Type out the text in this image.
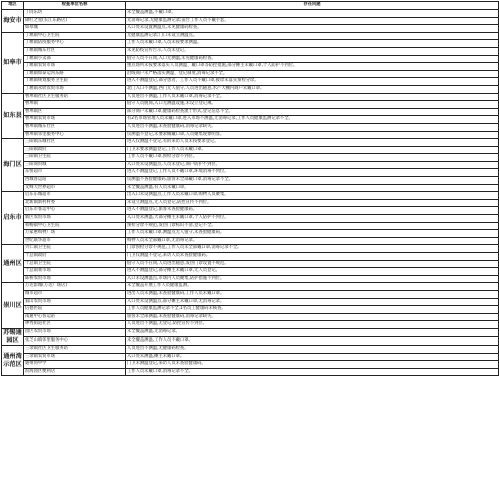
地区	检查单位名称	存在问题
海安市	丁同乐坊	未全覆盖测温,不戴口罩。
	锦红之星(长江东路店)	无消毒记录,无健康监测记录;前台工作人员不戴手套。
	如皋城	入口处未设置测温点,未见健康码检查。
如皋市	丁堰镇中心卫生院	无健康监测记录;门口未设立测温点。
	丁堰镇防疫服务中心	工作人员未戴口罩,人员未按要求测温。
	丁堰镇城东社区	未见防疫宣传告示,人员未登记。
	丁堰镇小卖部	值守人员不在岗,入口无测温,未见健康码检查。
	丁堰镇农贸市场	重点场所未按要求落实人员测温、戴口罩等防控措施,部分摊主未戴口罩,个人防护不到位。
	丁堰镇如泰运河东路	沿线商户未严格落实测温、登记制度,消毒记录不全。
	丁堰镇规划服务卫生院	进入不测温登记,部分患者、工作人员不戴口罩,接诊未落实预检分诊。
	丁堰镇永欣农贸市场	北门入口不测温,西门无人值守,人员进出随意,水产大棚内商户未戴口罩。
如东县	曹埠镇社区卫生服务站	人员进出不测温,工作人员未戴口罩,消毒记录不全。
	曹埠镇	值守人员脱岗,入口无测温设施,未设立登记簿。
	曹埠镇区	部分商户未戴口罩,健康码检查流于形式,登记信息不全。
	曹埠镇农贸市场	有2名市场管理人员未戴口罩,进入市场不测温,无消毒记录,工作人员健康监测记录不全。
	曹埠镇城东社区	人员进出不测温,未查验健康码,消毒记录缺失。
	曹埠镇邻里服务中心	仅测温不登记,未要求佩戴口罩,人员聚集现象明显。
海门区	三阳镇东城社区	进入仅测温不登记,有的来访人员未按要求登记。
	三阳镇政府	门卫未要求测温登记,工作人员未戴口罩。
	三阳镇卫生院	工作人员不戴口罩,预检分诊不到位。
	三阳商贸城	入口处未设测温点,人员未登记,商户防护不到位。
	东恒超市	进入不测温登记,工作人员不戴口罩,环境消毒不到位。
	西城客运站	仅测温不查验健康码,旅客未全部戴口罩,消毒记录不全。
	文峰大世界超市	未全覆盖测温,有人员未戴口罩。
启东市	启东东城超市	出入口未设测温点,工作人员未戴口罩,购物人员聚集。
	北新镇新村村委	未设立测温点,无人员登记,防控宣传不到位。
	启东市客运中心	进入不测温登记,旅客未查验健康码。
	新区农贸市场	入口处未测温,大部分摊主未戴口罩,个人防护不到位。
	和畅镇中心卫生院	预检分诊不规范,发热门诊标识不清,登记不全。
	万家惠购物广场	工作人员未戴口罩,测温点无人值守,未查验健康码。
	世纪联华超市	购物人员未全部戴口罩,无消毒记录。
通州区	兴仁镇卫生院	门诊预检分诊不规范,工作人员未全部戴口罩,消毒记录不全。
	十总镇政府	门卫仅测温不登记,来访人员未查验健康码。
	十总镇卫生院	值守人员不在岗,人员进出随意,发热门诊设置不规范。
	十总镇菜市场	进入不测温登记,部分摊主未戴口罩,无人员登记。
	陈桥农贸市场	入口未设测温点,市场内人员聚集,防护措施不到位。
崇川区	万达影城(万达广场店)	未全覆盖开展工作人员健康监测。
	城市超市	进出人员未测温,未查验健康码,工作人员未戴口罩。
	狼山农贸市场	入口处未设测温点,部分摊主未戴口罩,无消毒记录。
	信德医院	工作人员健康监测记录不全,1名员工健康码未核查。
	南通中心客运站	旅客未全部测温,未查验健康码,消毒记录缺失。
	钟秀街道社区	人员进出不测温,无登记,防控宣传不到位。
苏锡通园区	园区农贸市场	未全覆盖测温,无消毒记录。
	张芝山镇邻里服务中心	未全覆盖测温,工作人员不戴口罩。
通州湾示范区	三余镇社区卫生服务站	人员进出不测温,无健康码检查。
	三余镇农贸市场	入口处未测温,摊主未戴口罩。
	通州湾中学	门卫未测温登记,来访人员未查验健康码。
	滨海园区便利店	工作人员未戴口罩,消毒记录不全。
